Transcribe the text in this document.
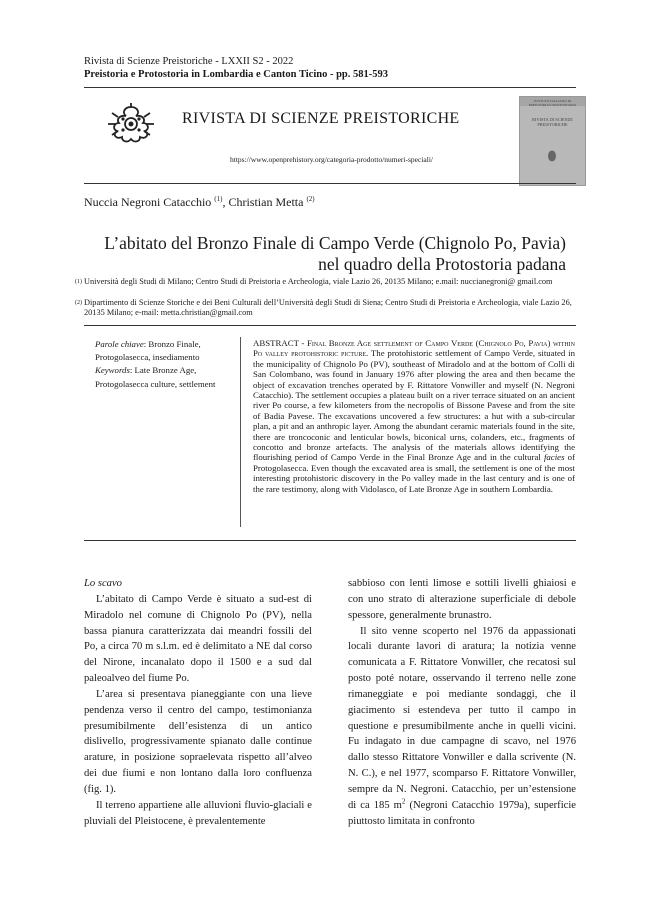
Rivista di Scienze Preistoriche - LXXII S2 - 2022
Preistoria e Protostoria in Lombardia e Canton Ticino - pp. 581-593
RIVISTA DI SCIENZE PREISTORICHE
https://www.openprehistory.org/categoria-prodotto/numeri-speciali/
ISTITUTO ITALIANO DI PREISTORIA E PROTOSTORIA
RIVISTA DI SCIENZE PREISTORICHE
Nuccia Negroni Catacchio $^{(1)}$, Christian Metta $^{(2)}$
L’abitato del Bronzo Finale di Campo Verde (Chignolo Po, Pavia)
nel quadro della Protostoria padana
(1) Università degli Studi di Milano; Centro Studi di Preistoria e Archeologia, viale Lazio 26, 20135 Milano; e.mail: nuccianegroni@ gmail.com
(2) Dipartimento di Scienze Storiche e dei Beni Culturali dell’Università degli Studi di Siena; Centro Studi di Preistoria e Archeologia, viale Lazio 26, 20135 Milano; e-mail: metta.christian@gmail.com
Parole chiave: Bronzo Finale, Protogolasecca, insediamento
Keywords: Late Bronze Age, Protogolasecca culture, settlement
ABSTRACT - Final Bronze Age settlement of Campo Verde (Chignolo Po, Pavia) within Po valley protohistoric picture. The protohistoric settlement of Campo Verde, situated in the municipality of Chignolo Po (PV), southeast of Miradolo and at the bottom of Colli di San Colombano, was found in January 1976 after plowing the area and then became the object of excavation trenches operated by F. Rittatore Vonwiller and myself (N. Negroni Catacchio). The settlement occupies a plateau built on a river terrace situated on an ancient river Po course, a few kilometers from the necropolis of Bissone Pavese and from the site of Badia Pavese. The excavations uncovered a few structures: a hut with a sub-circular plan, a pit and an anthropic layer. Among the abundant ceramic materials found in the site, there are troncoconic and lenticular bowls, biconical urns, colanders, etc., fragments of concotto and bronze artefacts. The analysis of the materials allows identifying the flourishing period of Campo Verde in the Final Bronze Age and in the cultural facies of Protogolasecca. Even though the excavated area is small, the settlement is one of the most interesting protohistoric discovery in the Po valley made in the last century and is one of the rare testimony, along with Vidolasco, of Late Bronze Age in southern Lombardia.

Lo scavo

L’abitato di Campo Verde è situato a sud-est di Miradolo nel comune di Chignolo Po (PV), nella bassa pianura caratterizzata dai meandri fossili del Po, a circa 70 m s.l.m. ed è delimitato a NE dal corso del Nirone, incanalato dopo il 1500 e a sud dal paleoalveo del fiume Po.

L’area si presentava pianeggiante con una lieve pendenza verso il centro del campo, testimonianza presumibilmente dell’esistenza di un antico dislivello, progressivamente spianato dalle continue arature, in posizione sopraelevata rispetto all’alveo dei due fiumi e non lontano dalla loro confluenza (fig. 1).

Il terreno appartiene alle alluvioni fluvio-glaciali e pluviali del Pleistocene, è prevalentemente

sabbioso con lenti limose e sottili livelli ghiaiosi e con uno strato di alterazione superficiale di debole spessore, generalmente brunastro.

Il sito venne scoperto nel 1976 da appassionati locali durante lavori di aratura; la notizia venne comunicata a F. Rittatore Vonwiller, che recatosi sul posto poté notare, osservando il terreno nelle zone rimaneggiate e poi mediante sondaggi, che il giacimento si estendeva per tutto il campo in questione e presumibilmente anche in quelli vicini. Fu indagato in due campagne di scavo, nel 1976 dallo stesso Rittatore Vonwiller e dalla scrivente (N. N. C.), e nel 1977, scomparso F. Rittatore Vonwiller, sempre da N. Negroni. Catacchio, per un’estensione di ca 185 $m^2$ (Negroni Catacchio 1979a), superficie piuttosto limitata in confronto
